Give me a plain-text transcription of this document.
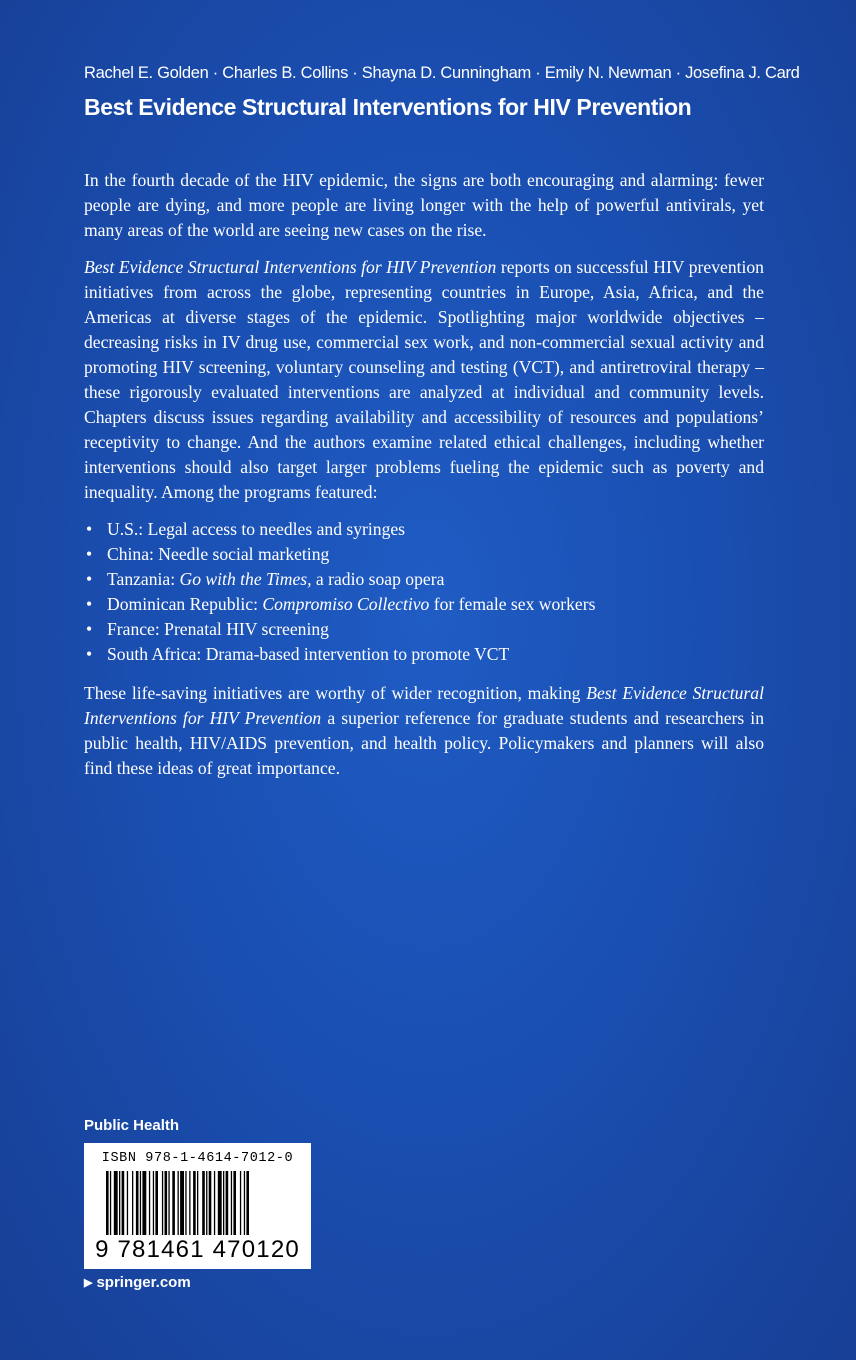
Rachel E. Golden · Charles B. Collins · Shayna D. Cunningham · Emily N. Newman · Josefina J. Card
Best Evidence Structural Interventions for HIV Prevention

In the fourth decade of the HIV epidemic, the signs are both encouraging and alarming: fewer people are dying, and more people are living longer with the help of powerful antivirals, yet many areas of the world are seeing new cases on the rise.

Best Evidence Structural Interventions for HIV Prevention reports on successful HIV prevention initiatives from across the globe, representing countries in Europe, Asia, Africa, and the Americas at diverse stages of the epidemic. Spotlighting major worldwide objectives – decreasing risks in IV drug use, commercial sex work, and non-commercial sexual activity and promoting HIV screening, voluntary counseling and testing (VCT), and antiretroviral therapy – these rigorously evaluated interventions are analyzed at individual and community levels. Chapters discuss issues regarding availability and accessibility of resources and populations’ receptivity to change. And the authors examine related ethical challenges, including whether interventions should also target larger problems fueling the epidemic such as poverty and inequality. Among the programs featured:

• U.S.: Legal access to needles and syringes
• China: Needle social marketing
• Tanzania: Go with the Times, a radio soap opera
• Dominican Republic: Compromiso Collectivo for female sex workers
• France: Prenatal HIV screening
• South Africa: Drama-based intervention to promote VCT

These life-saving initiatives are worthy of wider recognition, making Best Evidence Structural Interventions for HIV Prevention a superior reference for graduate students and researchers in public health, HIV/AIDS prevention, and health policy. Policymakers and planners will also find these ideas of great importance.

Public Health
ISBN 978-1-4614-7012-0
9 781461 470120
▶ springer.com
